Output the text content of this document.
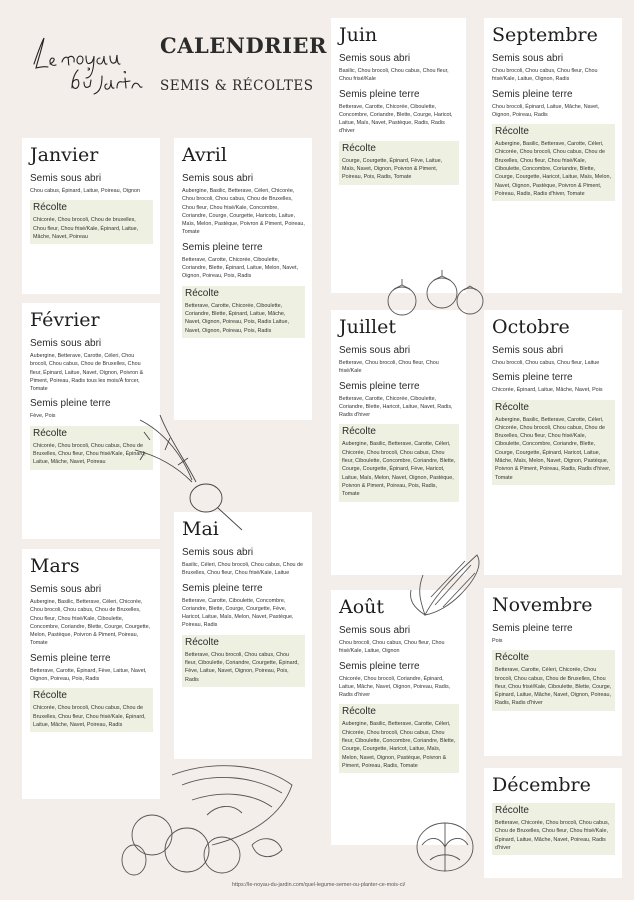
CALENDRIER
SEMIS & RÉCOLTES
Janvier
Semis sous abri
Chou cabus, Épinard, Laitue, Poireau, Oignon
Récolte
Chicorée, Chou brocoli, Chou de bruxelles, Chou fleur, Chou frisé/Kale, Épinard, Laitue, Mâche, Navet, Poireau
Février
Semis sous abri
Aubergine, Betterave, Carotte, Céleri, Chou brocoli, Chou cabus, Chou de Bruxelles, Chou fleur, Épinard, Laitue, Navet, Oignon, Poivron & Piment, Poireau, Radis tous les mois/À forcer, Tomate
Semis pleine terre
Fève, Pois
Récolte
Chicorée, Chou brocoli, Chou cabus, Chou de Bruxelles, Chou fleur, Chou frisé/Kale, Épinard, Laitue, Mâche, Navet, Poireau
Mars
Semis sous abri
Aubergine, Basilic, Betterave, Céleri, Chicorée, Chou brocoli, Chou cabus, Chou de Bruxelles, Chou fleur, Chou frisé/Kale, Ciboulette, Concombre, Coriandre, Blette, Courge, Courgette, Melon, Pastèque, Poivron & Piment, Poireau, Tomate
Semis pleine terre
Betterave, Carotte, Épinard, Fève, Laitue, Navet, Oignon, Poireau, Pois, Radis
Récolte
Chicorée, Chou brocoli, Chou cabus, Chou de Bruxelles, Chou fleur, Chou frisé/Kale, Épinard, Laitue, Mâche, Navet, Poireau, Radis
Avril
Semis sous abri
Aubergine, Basilic, Betterave, Céleri, Chicorée, Chou brocoli, Chou cabus, Chou de Bruxelles, Chou fleur, Chou frisé/Kale, Concombre, Coriandre, Courge, Courgette, Haricots, Laitue, Maïs, Melon, Pastèque, Poivron & Piment, Poireau, Tomate
Semis pleine terre
Betterave, Carotte, Chicorée, Ciboulette, Coriandre, Blette, Épinard, Laitue, Melon, Navet, Oignon, Poireau, Pois, Radis
Récolte
Betterave, Carotte, Chicorée, Ciboulette, Coriandre, Blette, Épinard, Laitue, Mâche, Navet, Oignon, Poireau, Pois, Radis Laitue, Navet, Oignon, Poireau, Pois, Radis
Mai
Semis sous abri
Basilic, Céleri, Chou brocoli, Chou cabus, Chou de Bruxelles, Chou fleur, Chou frisé/Kale, Laitue
Semis pleine terre
Betterave, Carotte, Ciboulette, Concombre, Coriandre, Blette, Courge, Courgette, Fève, Haricot, Laitue, Maïs, Melon, Navet, Pastèque, Poireau, Radis
Récolte
Betterave, Chou brocoli, Chou cabus, Chou fleur, Ciboulette, Coriandre, Courgette, Épinard, Fève, Laitue, Navet, Oignon, Poireau, Pois, Radis
Juin
Semis sous abri
Basilic, Chou brocoli, Chou cabus, Chou fleur, Chou frisé/Kale
Semis pleine terre
Betterave, Carotte, Chicorée, Ciboulette, Concombre, Coriandre, Blette, Courge, Haricot, Laitue, Maïs, Navet, Pastèque, Radis, Radis d'hiver
Récolte
Courge, Courgette, Épinard, Fève, Laitue, Maïs, Navet, Oignon, Poivron & Piment, Poireau, Pois, Radis, Tomate
Juillet
Semis sous abri
Betterave, Chou brocoli, Chou fleur, Chou frisé/Kale
Semis pleine terre
Betterave, Carotte, Chicorée, Ciboulette, Coriandre, Blette, Haricot, Laitue, Navet, Radis, Radis d'hiver
Récolte
Aubergine, Basilic, Betterave, Carotte, Céleri, Chicorée, Chou brocoli, Chou cabus, Chou fleur, Ciboulette, Concombre, Coriandre, Blette, Courge, Courgette, Épinard, Fève, Haricot, Laitue, Maïs, Melon, Navet, Oignon, Pastèque, Poivron & Piment, Poireau, Pois, Radis, Tomate
Août
Semis sous abri
Chou brocoli, Chou cabus, Chou fleur, Chou frisé/Kale, Laitue, Oignon
Semis pleine terre
Chicorée, Chou brocoli, Coriandre, Épinard, Laitue, Mâche, Navet, Oignon, Poireau, Radis, Radis d'hiver
Récolte
Aubergine, Basilic, Betterave, Carotte, Céleri, Chicorée, Chou brocoli, Chou cabus, Chou fleur, Ciboulette, Concombre, Coriandre, Blette, Courge, Courgette, Haricot, Laitue, Maïs, Melon, Navet, Oignon, Pastèque, Poivron & Piment, Poireau, Radis, Tomate
Septembre
Semis sous abri
Chou brocoli, Chou cabus, Chou fleur, Chou frisé/Kale, Laitue, Oignon, Radis
Semis pleine terre
Chou brocoli, Épinard, Laitue, Mâche, Navet, Oignon, Poireau, Radis
Récolte
Aubergine, Basilic, Betterave, Carotte, Céleri, Chicorée, Chou brocoli, Chou cabus, Chou de Bruxelles, Chou fleur, Chou frisé/Kale, Ciboulette, Concombre, Coriandre, Blette, Courge, Courgette, Haricot, Laitue, Maïs, Melon, Navet, Oignon, Pastèque, Poivron & Piment, Poireau, Radis, Radis d'hiver, Tomate
Octobre
Semis sous abri
Chou brocoli, Chou cabus, Chou fleur, Laitue
Semis pleine terre
Chicorée, Épinard, Laitue, Mâche, Navet, Pois
Récolte
Aubergine, Basilic, Betterave, Carotte, Céleri, Chicorée, Chou brocoli, Chou cabus, Chou de Bruxelles, Chou fleur, Chou frisé/Kale, Ciboulette, Concombre, Coriandre, Blette, Courge, Courgette, Épinard, Haricot, Laitue, Mâche, Maïs, Melon, Navet, Oignon, Pastèque, Poivron & Piment, Poireau, Radis, Radis d'hiver, Tomate
Novembre
Semis pleine terre
Pois
Récolte
Betterave, Carotte, Céleri, Chicorée, Chou brocoli, Chou cabus, Chou de Bruxelles, Chou fleur, Chou frisé/Kale, Ciboulette, Blette, Courge, Épinard, Laitue, Mâche, Navet, Oignon, Poireau, Radis, Radis d'hiver
Décembre
Récolte
Betterave, Chicorée, Chou brocoli, Chou cabus, Chou de Bruxelles, Chou fleur, Chou frisé/Kale, Épinard, Laitue, Mâche, Navet, Poireau, Radis d'hiver
https://le-noyau-du-jardin.com/quel-legume-semer-ou-planter-ce-mois-ci/
